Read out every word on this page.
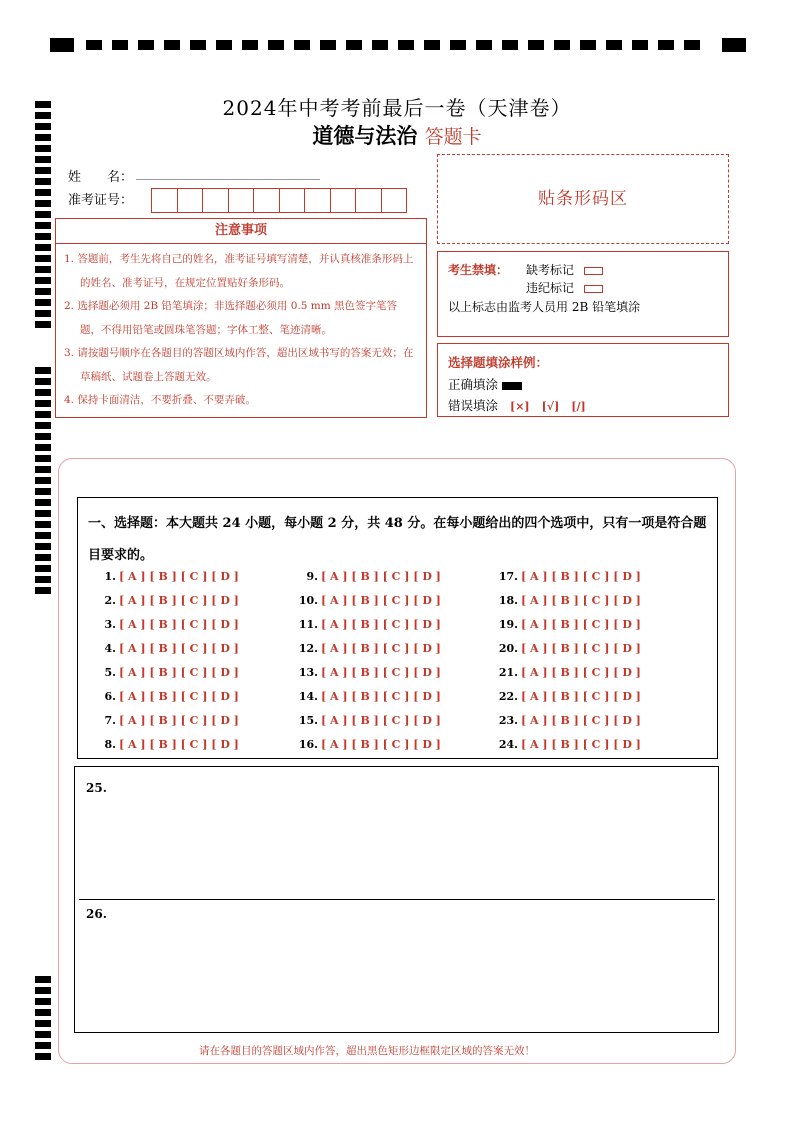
2024年中考考前最后一卷（天津卷）
道德与法治 答题卡
姓　　名：
准考证号：
注意事项
1. 答题前，考生先将自己的姓名，准考证号填写清楚，并认真核准条形码上的姓名、准考证号，在规定位置贴好条形码。
2. 选择题必须用 2B 铅笔填涂；非选择题必须用 0.5 mm 黑色签字笔答题，不得用铅笔或圆珠笔答题；字体工整、笔迹清晰。
3. 请按题号顺序在各题目的答题区域内作答，超出区域书写的答案无效；在草稿纸、试题卷上答题无效。
4. 保持卡面清洁，不要折叠、不要弄破。
贴条形码区
考生禁填： 缺考标记
违纪标记
以上标志由监考人员用 2B 铅笔填涂
选择题填涂样例：
正确填涂
错误填涂 [×] [√] [/]
一、选择题：本大题共 24 小题，每小题 2 分，共 48 分。在每小题给出的四个选项中，只有一项是符合题目要求的。
1. [ A ] [ B ] [ C ] [ D ]
2. [ A ] [ B ] [ C ] [ D ]
3. [ A ] [ B ] [ C ] [ D ]
4. [ A ] [ B ] [ C ] [ D ]
5. [ A ] [ B ] [ C ] [ D ]
6. [ A ] [ B ] [ C ] [ D ]
7. [ A ] [ B ] [ C ] [ D ]
8. [ A ] [ B ] [ C ] [ D ]
9. [ A ] [ B ] [ C ] [ D ]
10. [ A ] [ B ] [ C ] [ D ]
11. [ A ] [ B ] [ C ] [ D ]
12. [ A ] [ B ] [ C ] [ D ]
13. [ A ] [ B ] [ C ] [ D ]
14. [ A ] [ B ] [ C ] [ D ]
15. [ A ] [ B ] [ C ] [ D ]
16. [ A ] [ B ] [ C ] [ D ]
17. [ A ] [ B ] [ C ] [ D ]
18. [ A ] [ B ] [ C ] [ D ]
19. [ A ] [ B ] [ C ] [ D ]
20. [ A ] [ B ] [ C ] [ D ]
21. [ A ] [ B ] [ C ] [ D ]
22. [ A ] [ B ] [ C ] [ D ]
23. [ A ] [ B ] [ C ] [ D ]
24. [ A ] [ B ] [ C ] [ D ]
25.
26.
请在各题目的答题区域内作答，超出黑色矩形边框限定区域的答案无效！
